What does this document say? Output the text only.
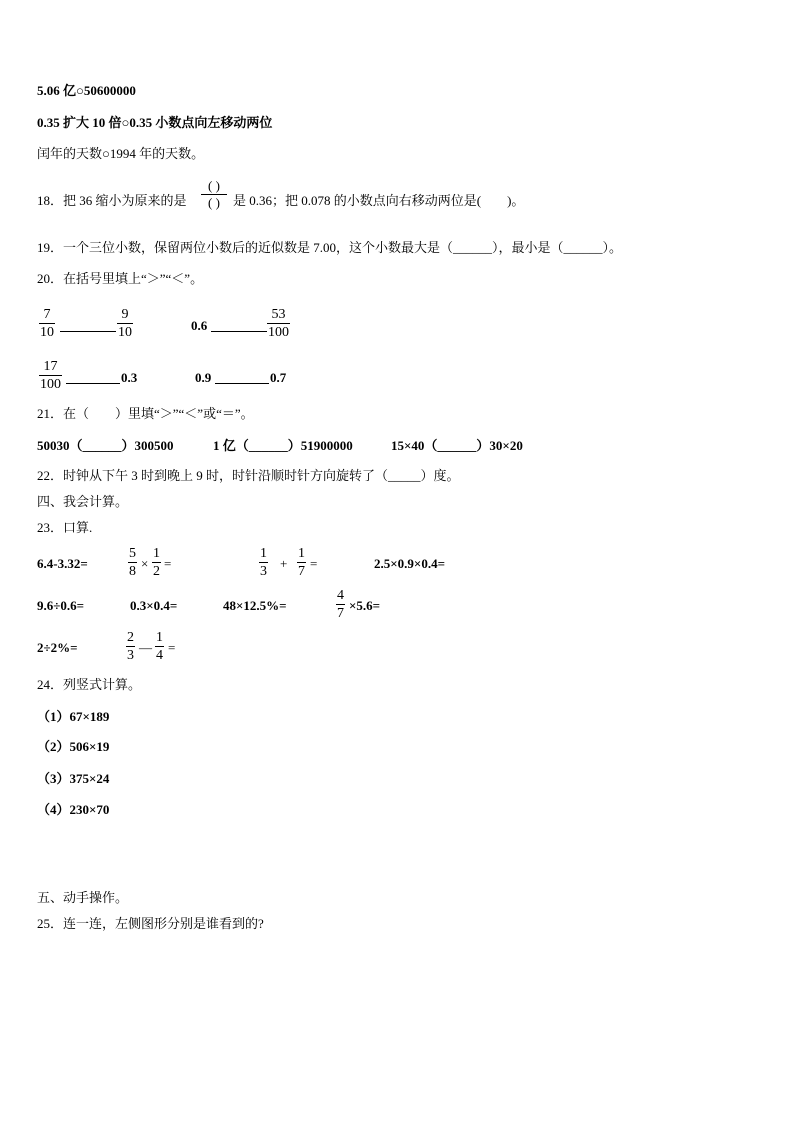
5.06 亿○50600000
0.35 扩大 10 倍○0.35 小数点向左移动两位
闰年的天数○1994 年的天数。
18．把 36 缩小为原来的是
( )
( )	是 0.36；把 0.078 的小数点向右移动两位是(　　)。
19．一个三位小数，保留两位小数后的近似数是 7.00，这个小数最大是（______），最小是（______）。
20．在括号里填上“＞”“＜”。
$\frac{7}{10}$	$\frac{9}{10}$	0.6	$\frac{53}{100}$
$\frac{17}{100}$	0.3	0.9	0.7
21．在（　　）里填“＞”“＜”或“＝”。
50030（______）300500	1 亿（______）51900000	15×40（______）30×20
22．时钟从下午 3 时到晚上 9 时，时针沿顺时针方向旋转了（_____）度。
四、我会计算。
23．口算.
6.4-3.32=	$\frac{5}{8} \times \frac{1}{2}$ =	$\frac{1}{3} + \frac{1}{7}$ =	2.5×0.9×0.4=
9.6÷0.6=	0.3×0.4=	48×12.5%=	$\frac{4}{7} \times 5.6=$
2÷2%=	$\frac{2}{3}$ — $\frac{1}{4}$ =
24．列竖式计算。
（1）67×189
（2）506×19
（3）375×24
（4）230×70
五、动手操作。
25．连一连，左侧图形分别是谁看到的?
